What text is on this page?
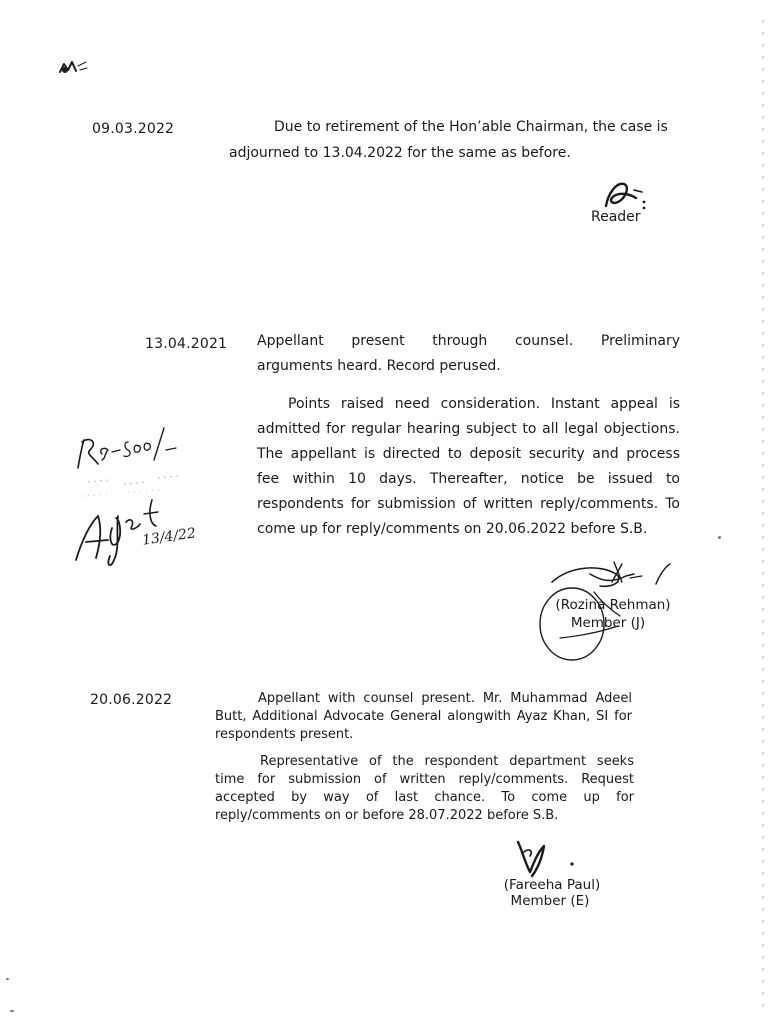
09.03.2022	Due to retirement of the Hon’able Chairman, the case is
adjourned to 13.04.2022 for the same as before.
Reader
13.04.2021 Appellant present through counsel. Preliminary
arguments heard. Record perused.
Points raised need consideration. Instant appeal is
admitted for regular hearing subject to all legal objections.
The appellant is directed to deposit security and process
fee within 10 days. Thereafter, notice be issued to
respondents for submission of written reply/comments. To
come up for reply/comments on 20.06.2022 before S.B.
13/4/22
(Rozina Rehman)
Member (J)
20.06.2022	Appellant with counsel present. Mr. Muhammad Adeel
Butt, Additional Advocate General alongwith Ayaz Khan, SI for
respondents present.
Representative of the respondent department seeks
time for submission of written reply/comments. Request
accepted by way of last chance. To come up for
reply/comments on or before 28.07.2022 before S.B.
(Fareeha Paul)
Member (E)
